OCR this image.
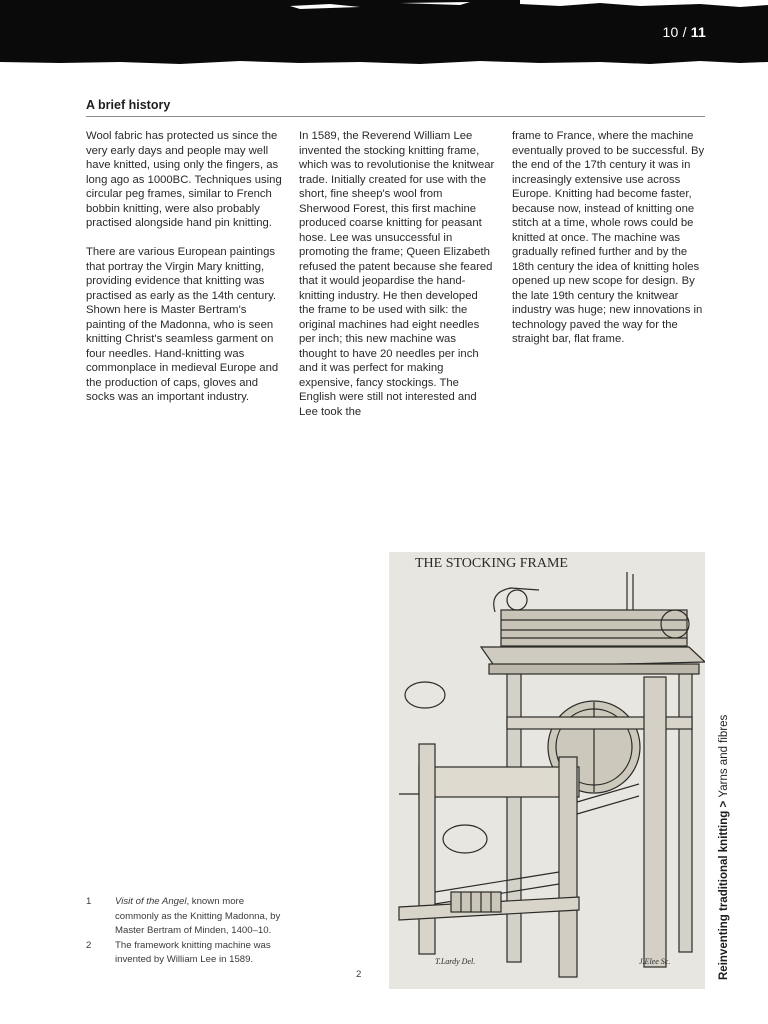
10 / 11
A brief history

Wool fabric has protected us since the very early days and people may well have knitted, using only the fingers, as long ago as 1000BC. Techniques using circular peg frames, similar to French bobbin knitting, were also probably practised alongside hand pin knitting.

There are various European paintings that portray the Virgin Mary knitting, providing evidence that knitting was practised as early as the 14th century. Shown here is Master Bertram's painting of the Madonna, who is seen knitting Christ's seamless garment on four needles. Hand-knitting was commonplace in medieval Europe and the production of caps, gloves and socks was an important industry.

In 1589, the Reverend William Lee invented the stocking knitting frame, which was to revolutionise the knitwear trade. Initially created for use with the short, fine sheep's wool from Sherwood Forest, this first machine produced coarse knitting for peasant hose. Lee was unsuccessful in promoting the frame; Queen Elizabeth refused the patent because she feared that it would jeopardise the hand-knitting industry. He then developed the frame to be used with silk: the original machines had eight needles per inch; this new machine was thought to have 20 needles per inch and it was perfect for making expensive, fancy stockings. The English were still not interested and Lee took the

frame to France, where the machine eventually proved to be successful. By the end of the 17th century it was in increasingly extensive use across Europe. Knitting had become faster, because now, instead of knitting one stitch at a time, whole rows could be knitted at once. The machine was gradually refined further and by the 18th century the idea of knitting holes opened up new scope for design. By the late 19th century the knitwear industry was huge; new innovations in technology paved the way for the straight bar, flat frame.

THE STOCKING FRAME
T.Lardy Del.	J.Elee Sc.
1	Visit of the Angel, known more commonly as the Knitting Madonna, by Master Bertram of Minden, 1400–10.
2	The framework knitting machine was invented by William Lee in 1589.
2	Reinventing traditional knitting > Yarns and fibres
